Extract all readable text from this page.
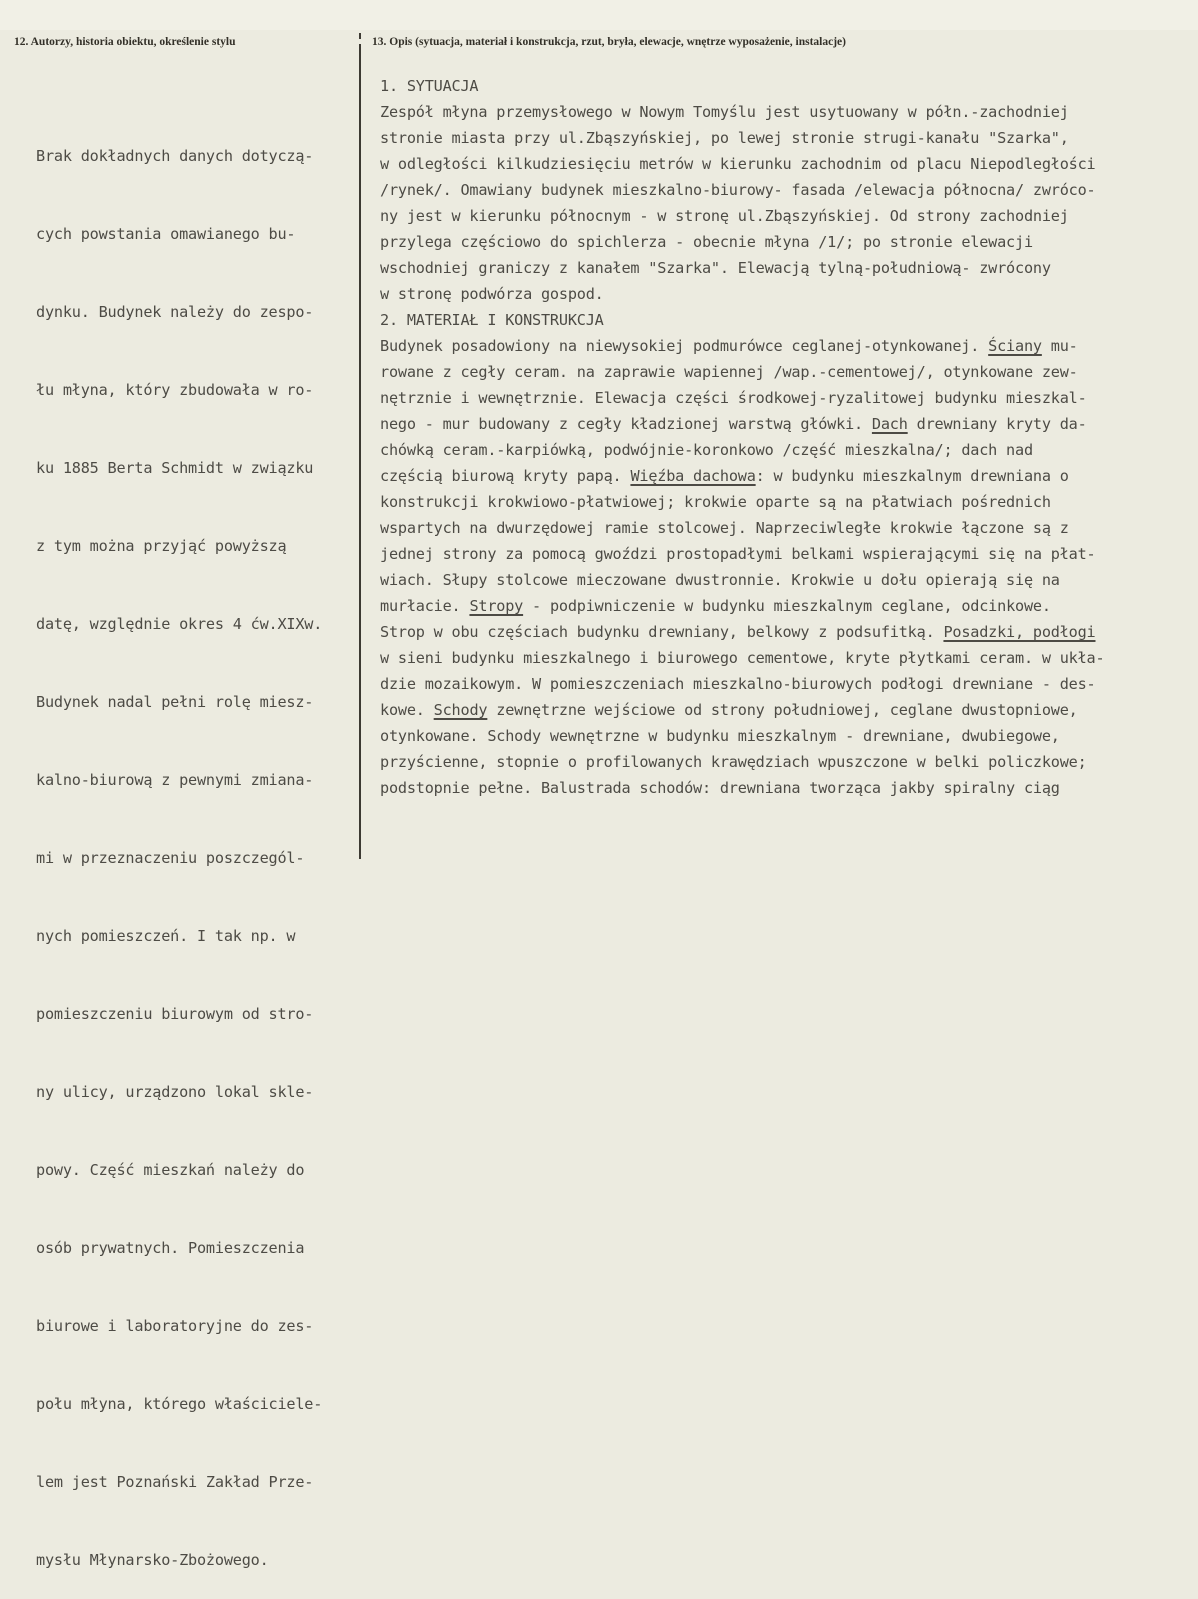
12. Autorzy, historia obiektu, określenie stylu	13. Opis (sytuacja, materiał i konstrukcja, rzut, bryła, elewacje, wnętrze wyposażenie, instalacje)

Brak dokładnych danych dotyczą-

cych powstania omawianego bu-

dynku. Budynek należy do zespo-

łu młyna, który zbudowała w ro-

ku 1885 Berta Schmidt w związku

z tym można przyjąć powyższą

datę, względnie okres 4 ćw.XIXw.

Budynek nadal pełni rolę miesz-

kalno-biurową z pewnymi zmiana-

mi w przeznaczeniu poszczegól-

nych pomieszczeń. I tak np. w

pomieszczeniu biurowym od stro-

ny ulicy, urządzono lokal skle-

powy. Część mieszkań należy do

osób prywatnych. Pomieszczenia

biurowe i laboratoryjne do zes-

połu młyna, którego właściciele-

lem jest Poznański Zakład Prze-

mysłu Młynarsko-Zbożowego.

1. SYTUACJA
Zespół młyna przemysłowego w Nowym Tomyślu jest usytuowany w półn.-zachodniej
stronie miasta przy ul.Zbąszyńskiej, po lewej stronie strugi-kanału "Szarka",
w odległości kilkudziesięciu metrów w kierunku zachodnim od placu Niepodległości
/rynek/. Omawiany budynek mieszkalno-biurowy- fasada /elewacja północna/ zwróco-
ny jest w kierunku północnym - w stronę ul.Zbąszyńskiej. Od strony zachodniej
przylega częściowo do spichlerza - obecnie młyna /1/; po stronie elewacji
wschodniej graniczy z kanałem "Szarka". Elewacją tylną-południową- zwrócony
w stronę podwórza gospod.
2. MATERIAŁ I KONSTRUKCJA
Budynek posadowiony na niewysokiej podmurówce ceglanej-otynkowanej. Ściany mu-
rowane z cegły ceram. na zaprawie wapiennej /wap.-cementowej/, otynkowane zew-
nętrznie i wewnętrznie. Elewacja części środkowej-ryzalitowej budynku mieszkal-
nego - mur budowany z cegły kładzionej warstwą główki. Dach drewniany kryty da-
chówką ceram.-karpiówką, podwójnie-koronkowo /część mieszkalna/; dach nad
częścią biurową kryty papą. Więźba dachowa: w budynku mieszkalnym drewniana o
konstrukcji krokwiowo-płatwiowej; krokwie oparte są na płatwiach pośrednich
wspartych na dwurzędowej ramie stolcowej. Naprzeciwległe krokwie łączone są z
jednej strony za pomocą gwoździ prostopadłymi belkami wspierającymi się na płat-
wiach. Słupy stolcowe mieczowane dwustronnie. Krokwie u dołu opierają się na
murłacie. Stropy - podpiwniczenie w budynku mieszkalnym ceglane, odcinkowe.
Strop w obu częściach budynku drewniany, belkowy z podsufitką. Posadzki, podłogi
w sieni budynku mieszkalnego i biurowego cementowe, kryte płytkami ceram. w ukła-
dzie mozaikowym. W pomieszczeniach mieszkalno-biurowych podłogi drewniane - des-
kowe. Schody zewnętrzne wejściowe od strony południowej, ceglane dwustopniowe,
otynkowane. Schody wewnętrzne w budynku mieszkalnym - drewniane, dwubiegowe,
przyścienne, stopnie o profilowanych krawędziach wpuszczone w belki policzkowe;
podstopnie pełne. Balustrada schodów: drewniana tworząca jakby spiralny ciąg
